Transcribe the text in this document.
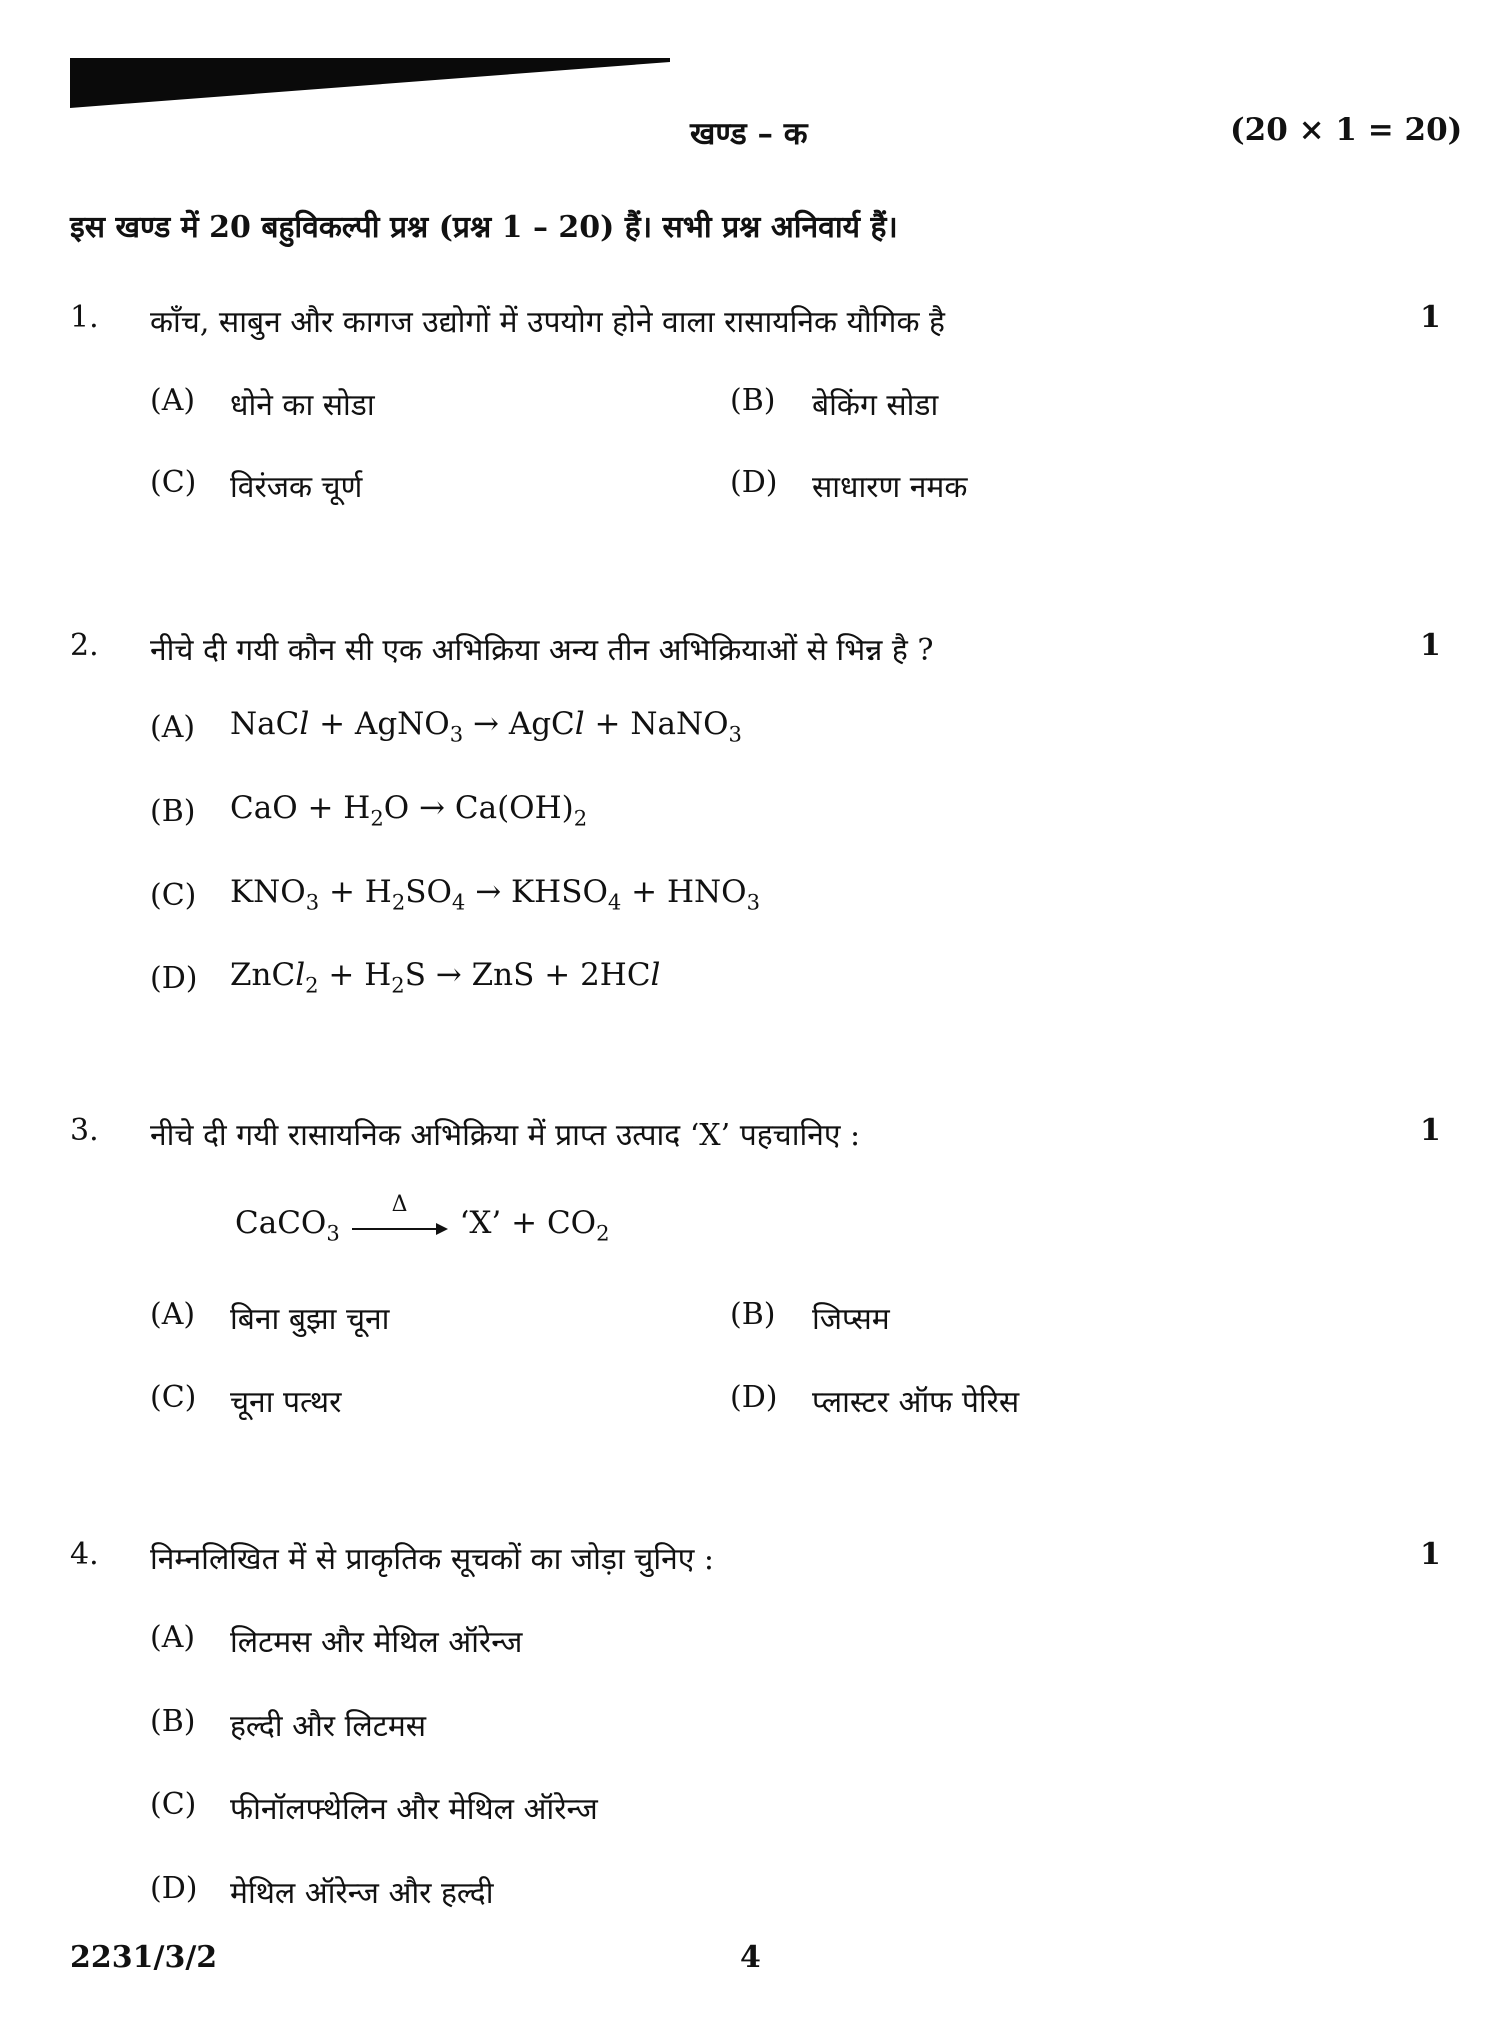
खण्ड – क	(20 × 1 = 20)
इस खण्ड में 20 बहुविकल्पी प्रश्न (प्रश्न 1 – 20) हैं। सभी प्रश्न अनिवार्य हैं।
1. काँच, साबुन और कागज उद्योगों में उपयोग होने वाला रासायनिक यौगिक है	1
(A) धोने का सोडा	(B) बेकिंग सोडा
(C) विरंजक चूर्ण	(D) साधारण नमक
2. नीचे दी गयी कौन सी एक अभिक्रिया अन्य तीन अभिक्रियाओं से भिन्न है ?	1
(A) NaCl + AgNO$_3$ → AgCl + NaNO$_3$
(B) CaO + $H_2O \to Ca(OH)_2$
(C) $KNO_3 + H_2SO_4$ → $KHSO_4 + HNO_3$
(D) ZnCl$_2$ + $H_2S$ → ZnS + 2HCl
3. नीचे दी गयी रासायनिक अभिक्रिया में प्राप्त उत्पाद ‘X’ पहचानिए :	1
CaCO$_3$
Δ
‘X’ + $CO_2$
(A) बिना बुझा चूना	(B) जिप्सम
(C) चूना पत्थर	(D) प्लास्टर ऑफ पेरिस
4. निम्नलिखित में से प्राकृतिक सूचकों का जोड़ा चुनिए :	1
(A) लिटमस और मेथिल ऑरेन्ज
(B) हल्दी और लिटमस
(C) फीनॉलफ्थेलिन और मेथिल ऑरेन्ज
(D) मेथिल ऑरेन्ज और हल्दी
2231/3/2	4
